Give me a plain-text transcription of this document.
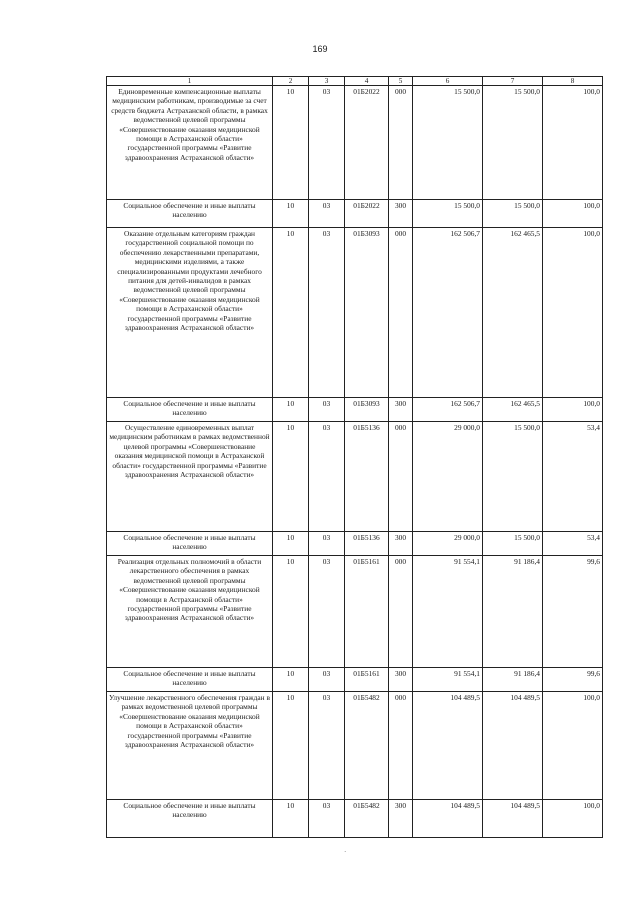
169
1	2	3	4	5	6	7	8
Единовременные компенсационные выплаты медицинским работникам, производимые за счет средств бюджета Астраханской области, в рамках ведомственной целевой программы «Совершенствование оказания медицинской помощи в Астраханской области» государственной программы «Развитие здравоохранения Астраханской области»	10	03	01Б2022	000	15 500,0	15 500,0	100,0
Социальное обеспечение и иные выплаты населению	10	03	01Б2022	300	15 500,0	15 500,0	100,0
Оказание отдельным категориям граждан государственной социальной помощи по обеспечению лекарственными препаратами, медицинскими изделиями, а также специализированными продуктами лечебного питания для детей-инвалидов в рамках ведомственной целевой программы «Совершенствование оказания медицинской помощи в Астраханской области» государственной программы «Развитие здравоохранения Астраханской области»	10	03	01Б3093	000	162 506,7	162 465,5	100,0
Социальное обеспечение и иные выплаты населению	10	03	01Б3093	300	162 506,7	162 465,5	100,0
Осуществление единовременных выплат медицинским работникам в рамках ведомственной целевой программы «Совершенствование оказания медицинской помощи в Астраханской области» государственной программы «Развитие здравоохранения Астраханской области»	10	03	01Б5136	000	29 000,0	15 500,0	53,4
Социальное обеспечение и иные выплаты населению	10	03	01Б5136	300	29 000,0	15 500,0	53,4
Реализация отдельных полномочий в области лекарственного обеспечения в рамках ведомственной целевой программы «Совершенствование оказания медицинской помощи в Астраханской области» государственной программы «Развитие здравоохранения Астраханской области»	10	03	01Б5161	000	91 554,1	91 186,4	99,6
Социальное обеспечение и иные выплаты населению	10	03	01Б5161	300	91 554,1	91 186,4	99,6
Улучшение лекарственного обеспечения граждан в рамках ведомственной целевой программы «Совершенствование оказания медицинской помощи в Астраханской области» государственной программы «Развитие здравоохранения Астраханской области»	10	03	01Б5482	000	104 489,5	104 489,5	100,0
Социальное обеспечение и иные выплаты населению	10	03	01Б5482	300	104 489,5	104 489,5	100,0
·
